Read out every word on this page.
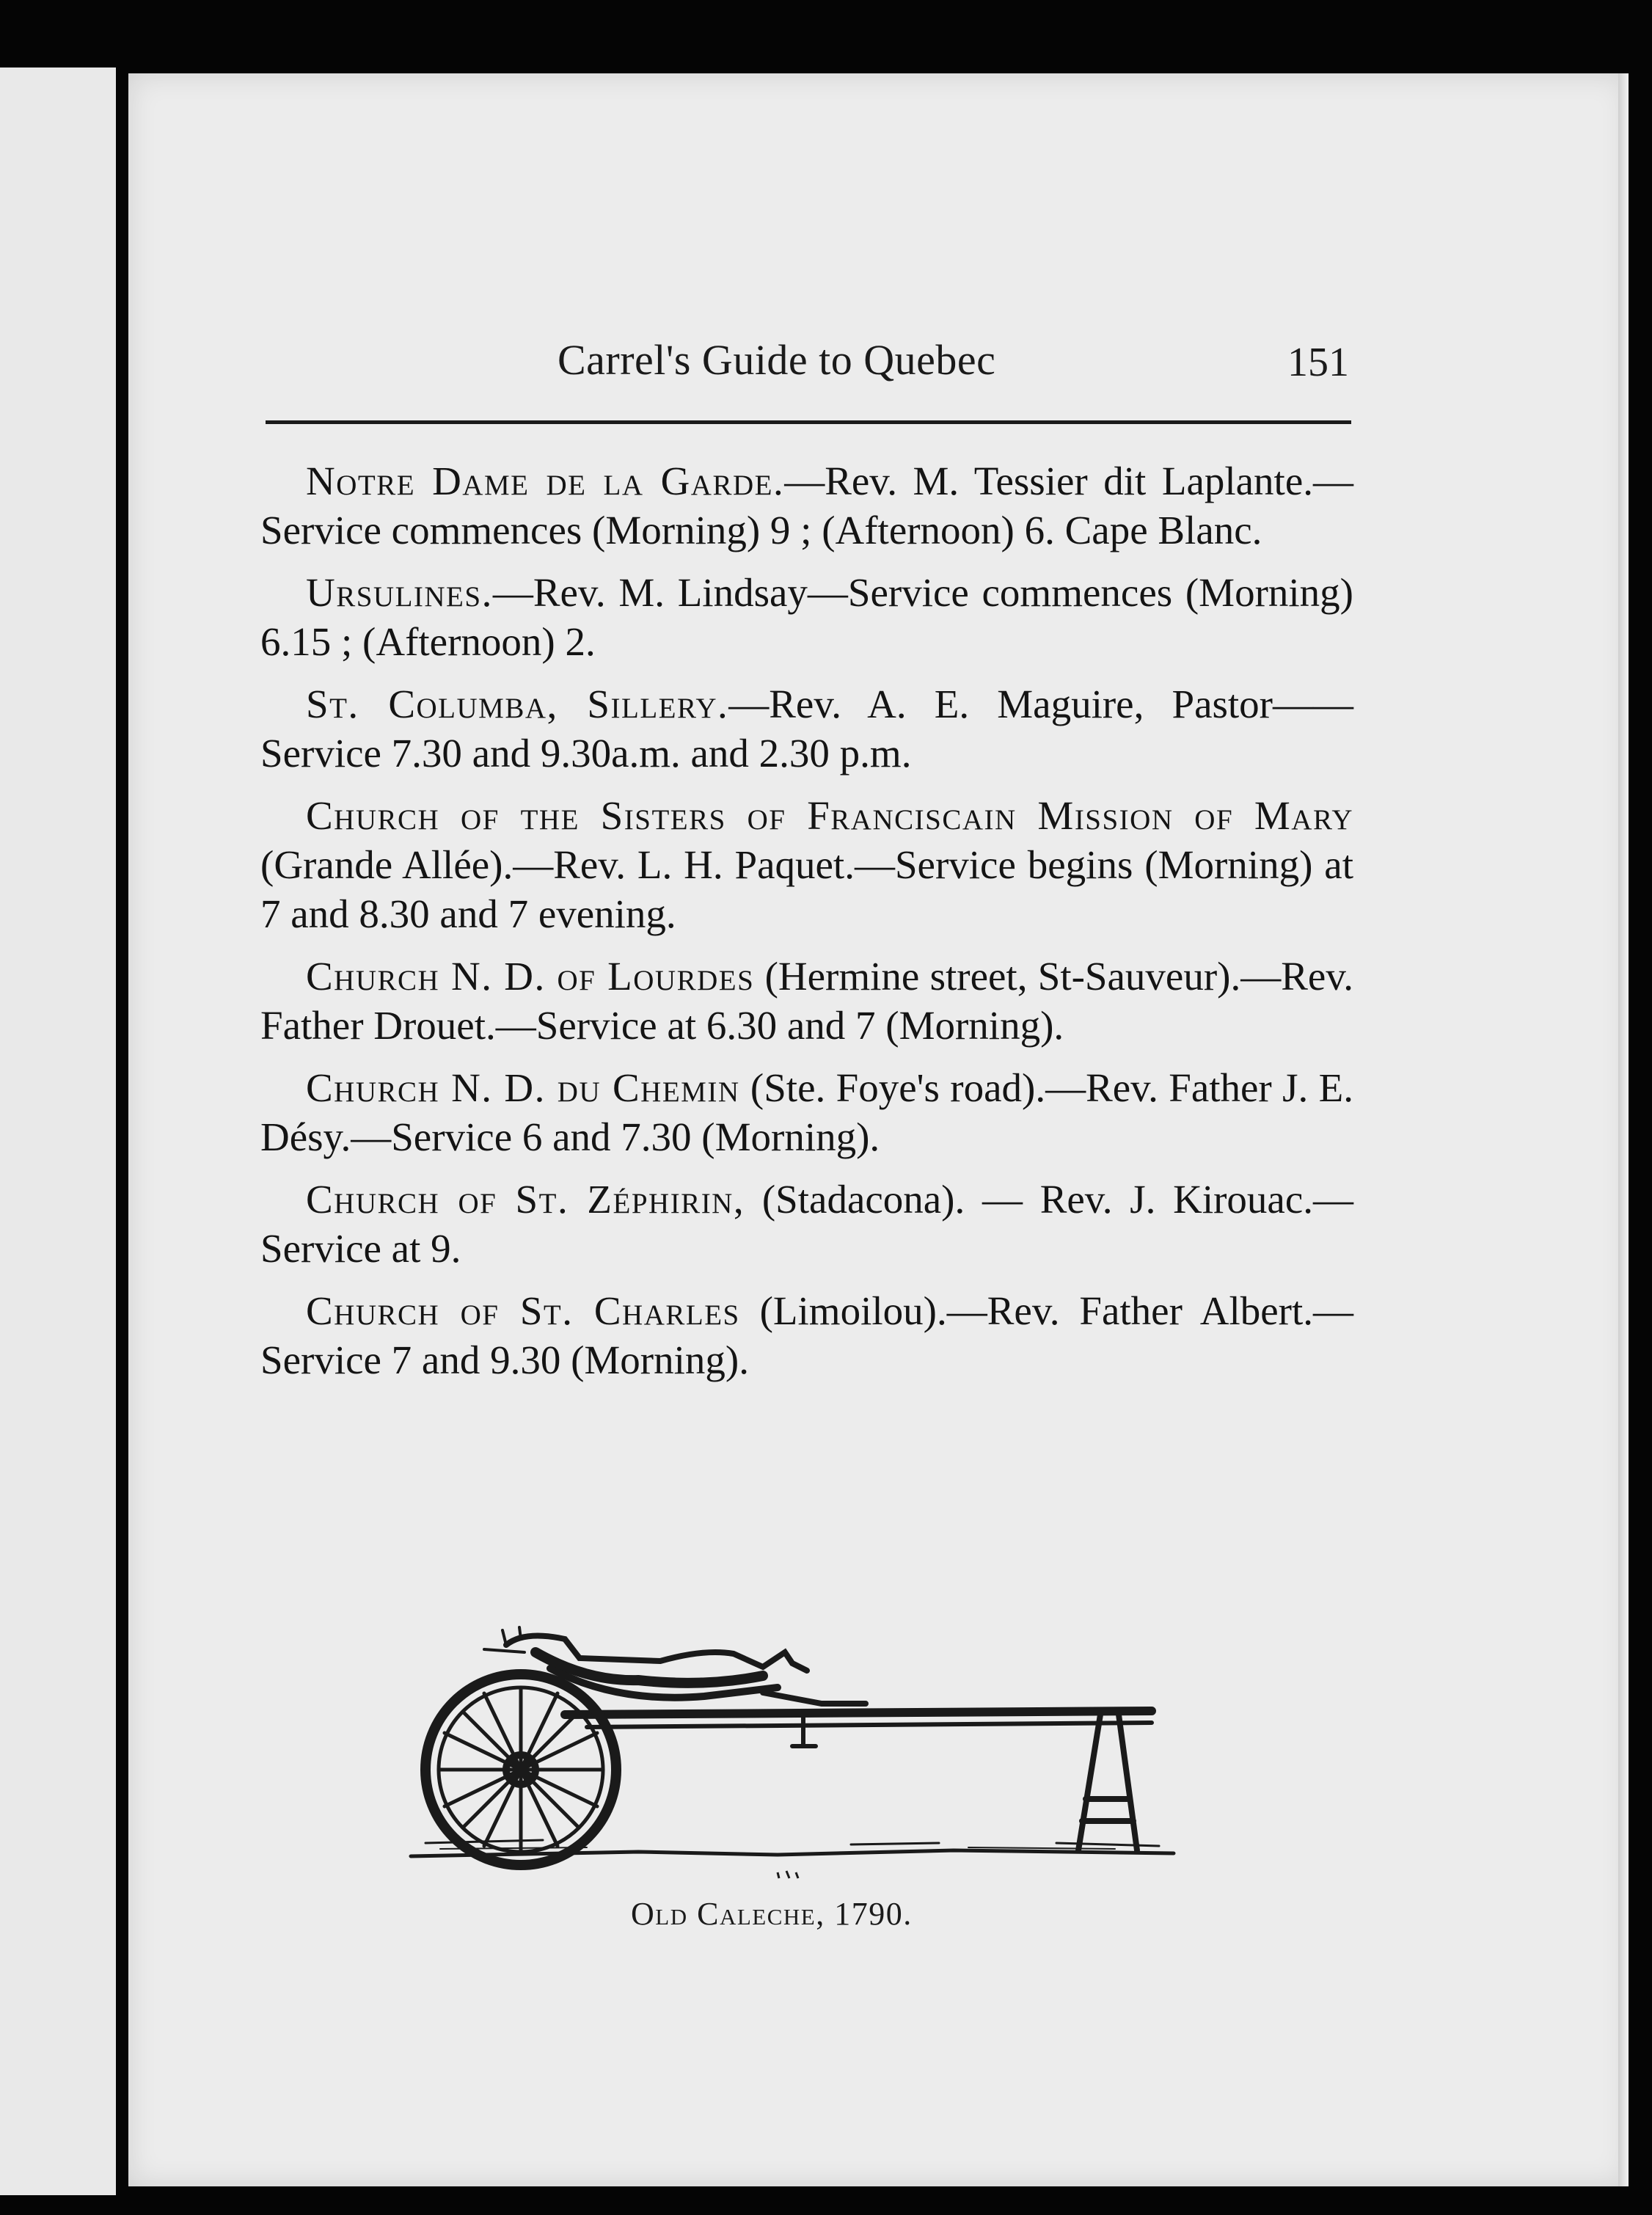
Carrel's Guide to Quebec	151

Notre Dame de la Garde.—Rev. M. Tessier dit Laplante.—Service commences (Morning) 9 ; (Afternoon) 6. Cape Blanc.

Ursulines.—Rev. M. Lindsay—Service commences (Morning) 6.15 ; (Afternoon) 2.

St. Columba, Sillery.—Rev. A. E. Maguire, Pastor——Service 7.30 and 9.30a.m. and 2.30 p.m.

Church of the Sisters of Franciscain Mission of Mary (Grande Allée).—Rev. L. H. Paquet.—Service begins (Morning) at 7 and 8.30 and 7 evening.

Church N. D. of Lourdes (Hermine street, St-Sauveur).—Rev. Father Drouet.—Service at 6.30 and 7 (Morning).

Church N. D. du Chemin (Ste. Foye's road).—Rev. Father J. E. Désy.—Service 6 and 7.30 (Morning).

Church of St. Zéphirin, (Stadacona). — Rev. J. Kirouac.—Service at 9.

Church of St. Charles (Limoilou).—Rev. Father Albert.—Service 7 and 9.30 (Morning).

Old Caleche, 1790.
